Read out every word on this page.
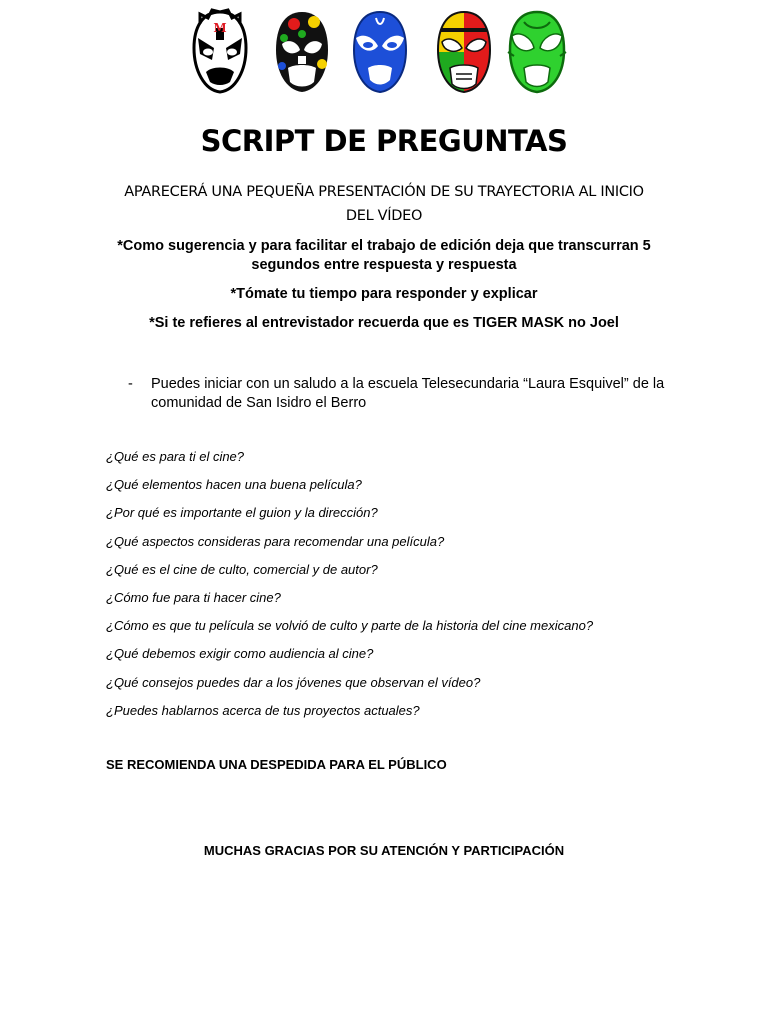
M
SCRIPT DE PREGUNTAS
APARECERÁ UNA PEQUEÑA PRESENTACIÓN DE SU TRAYECTORIA AL INICIO
DEL VÍDEO
*Como sugerencia y para facilitar el trabajo de edición deja que transcurran 5 segundos entre respuesta y respuesta
*Tómate tu tiempo para responder y explicar
*Si te refieres al entrevistador recuerda que es TIGER MASK no Joel
- Puedes iniciar con un saludo a la escuela Telesecundaria “Laura Esquivel” de la comunidad de San Isidro el Berro
¿Qué es para ti el cine?
¿Qué elementos hacen una buena película?
¿Por qué es importante el guion y la dirección?
¿Qué aspectos consideras para recomendar una película?
¿Qué es el cine de culto, comercial y de autor?
¿Cómo fue para ti hacer cine?
¿Cómo es que tu película se volvió de culto y parte de la historia del cine mexicano?
¿Qué debemos exigir como audiencia al cine?
¿Qué consejos puedes dar a los jóvenes que observan el vídeo?
¿Puedes hablarnos acerca de tus proyectos actuales?
SE RECOMIENDA UNA DESPEDIDA PARA EL PÚBLICO
MUCHAS GRACIAS POR SU ATENCIÓN Y PARTICIPACIÓN
